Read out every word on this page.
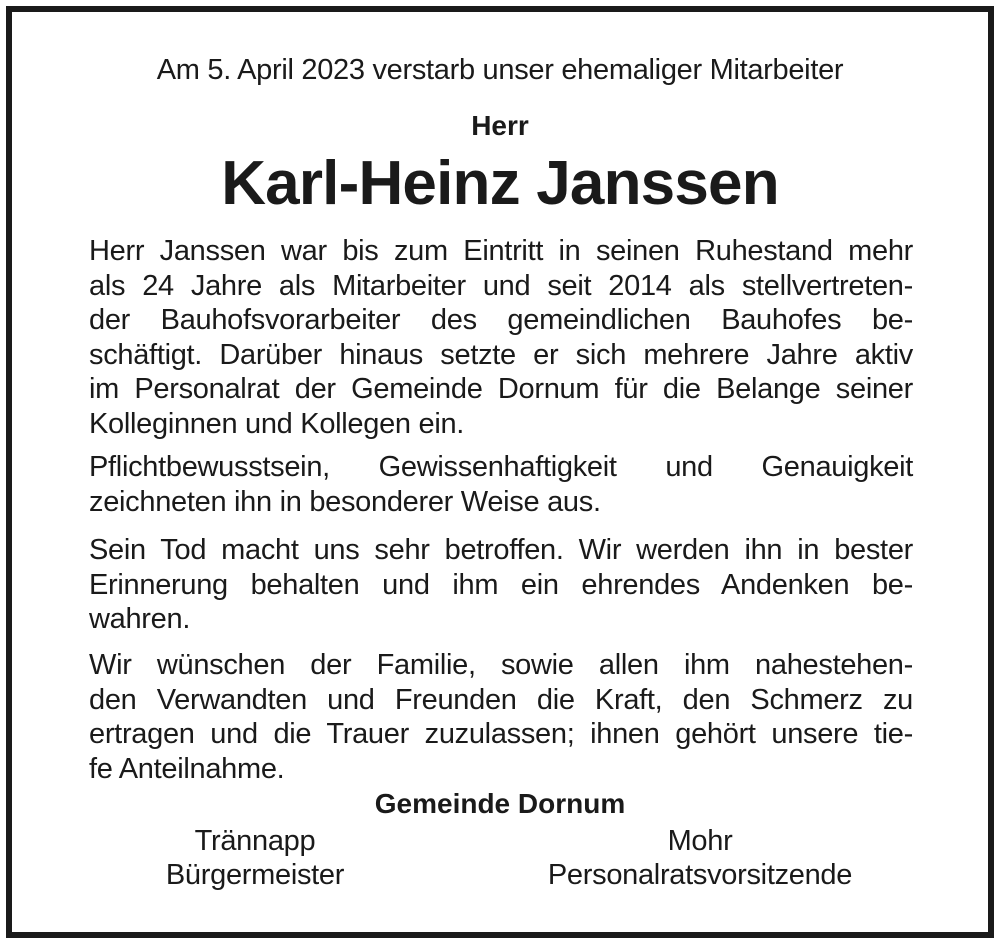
Am 5. April 2023 verstarb unser ehemaliger Mitarbeiter
Herr
Karl-Heinz Janssen
Herr Janssen war bis zum Eintritt in seinen Ruhestand mehr
als 24 Jahre als Mitarbeiter und seit 2014 als stellvertreten-
der Bauhofsvorarbeiter des gemeindlichen Bauhofes be-
schäftigt. Darüber hinaus setzte er sich mehrere Jahre aktiv
im Personalrat der Gemeinde Dornum für die Belange seiner
Kolleginnen und Kollegen ein.
Pflichtbewusstsein, Gewissenhaftigkeit und Genauigkeit
zeichneten ihn in besonderer Weise aus.
Sein Tod macht uns sehr betroffen. Wir werden ihn in bester
Erinnerung behalten und ihm ein ehrendes Andenken be-
wahren.
Wir wünschen der Familie, sowie allen ihm nahestehen-
den Verwandten und Freunden die Kraft, den Schmerz zu
ertragen und die Trauer zuzulassen; ihnen gehört unsere tie-
fe Anteilnahme.
Gemeinde Dornum
Trännapp
Bürgermeister
Mohr
Personalratsvorsitzende
